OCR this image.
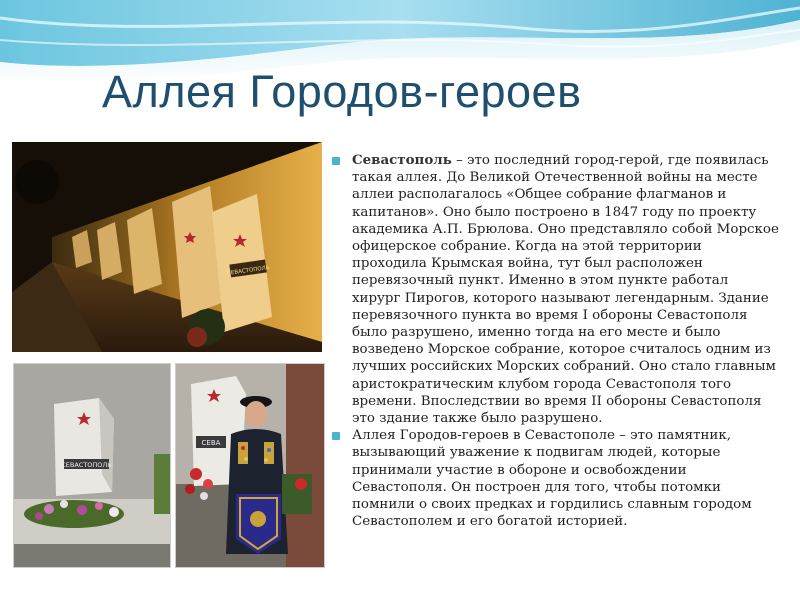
Аллея Городов-героев
СЕВАСТОПОЛЬ
СЕВАСТОПОЛЬ
СЕВА

Севастополь – это последний город-герой, где появилась такая аллея. До Великой Отечественной войны на месте аллеи располагалось «Общее собрание флагманов и капитанов». Оно было построено в 1847 году по проекту академика А.П. Брюлова. Оно представляло собой Морское офицерское собрание. Когда на этой территории проходила Крымская война, тут был расположен перевязочный пункт. Именно в этом пункте работал хирург Пирогов, которого называют легендарным. Здание перевязочного пункта во время I обороны Севастополя было разрушено, именно тогда на его месте и было возведено Морское собрание, которое считалось одним из лучших российских Морских собраний. Оно стало главным аристократическим клубом города Севастополя того времени. Впоследствии во время II обороны Севастополя это здание также было разрушено.

Аллея Городов-героев в Севастополе – это памятник, вызывающий уважение к подвигам людей, которые принимали участие в обороне и освобождении Севастополя. Он построен для того, чтобы потомки помнили о своих предках и гордились славным городом Севастополем и его богатой историей.
